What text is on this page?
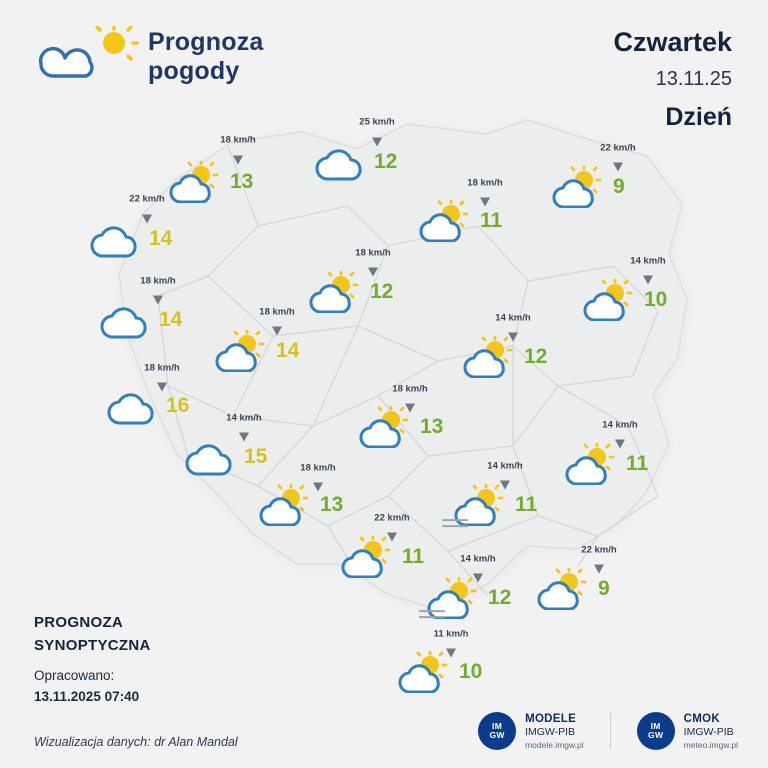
Prognoza
pogody
Czwartek
13.11.25
Dzień
18 km/h
13
25 km/h
12
22 km/h
9
18 km/h
11
22 km/h
14
18 km/h
12
14 km/h
10
18 km/h
14	18 km/h
14
14 km/h
12
18 km/h
16
18 km/h
13
14 km/h
15
14 km/h
11
18 km/h
13
14 km/h
11
22 km/h
11	22 km/h
9
14 km/h
12
11 km/h
10
PROGNOZA
SYNOPTYCZNA
Opracowano:
13.11.2025 07:40
Wizualizacja danych: dr Alan Mandal
IM
GW
MODELE
IMGW-PIB
modele.imgw.pl
IM
GW
CMOK
IMGW-PIB
meteo.imgw.pl
